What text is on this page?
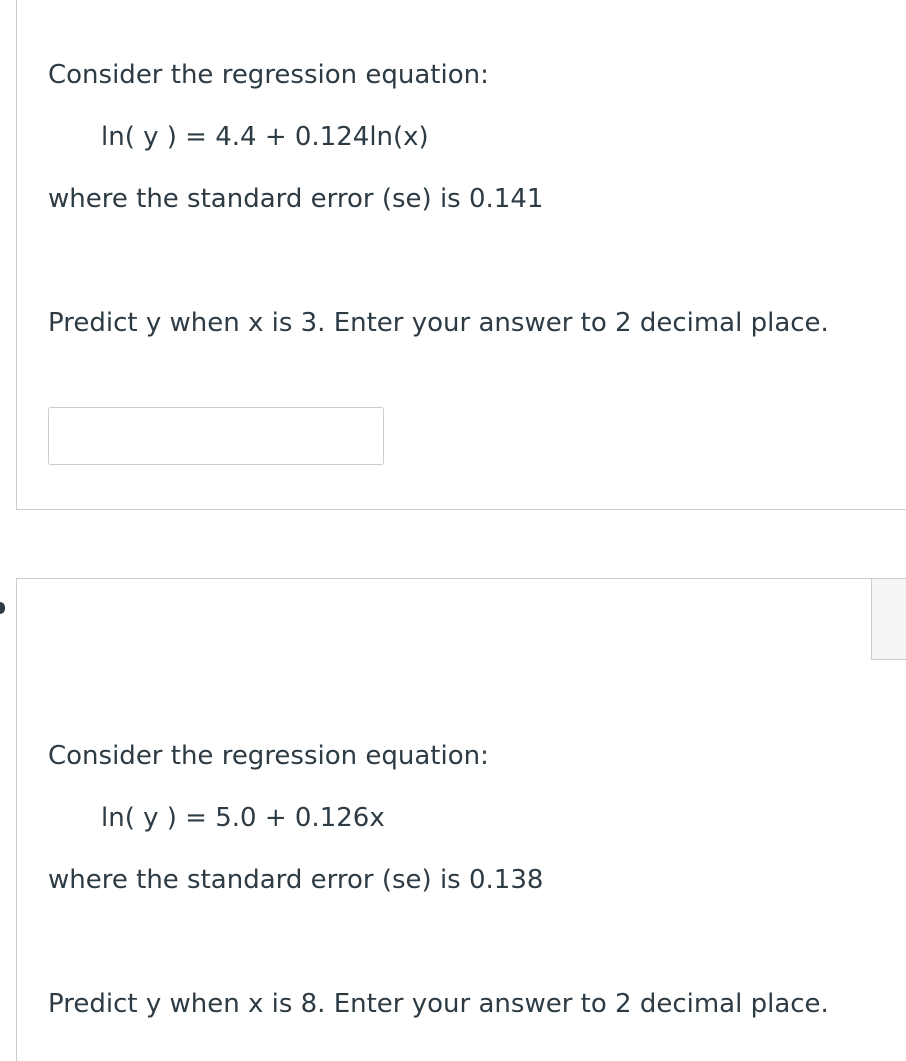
Consider the regression equation:

ln( y ) = 4.4 + 0.124ln(x)

where the standard error (se) is 0.141

Predict y when x is 3. Enter your answer to 2 decimal place.

Consider the regression equation:

ln( y ) = 5.0 + 0.126x

where the standard error (se) is 0.138

Predict y when x is 8. Enter your answer to 2 decimal place.
